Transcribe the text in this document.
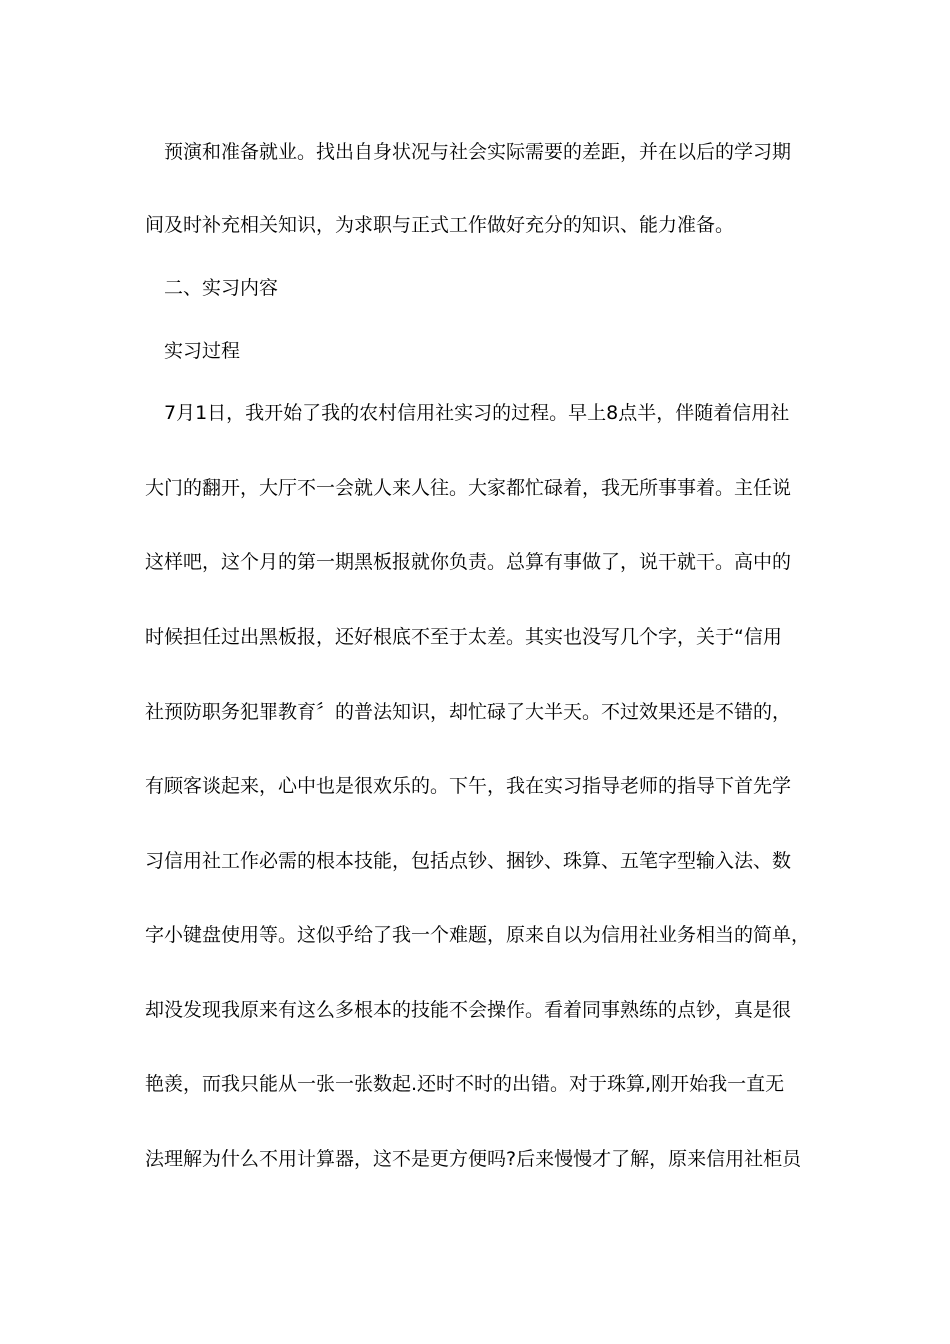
预演和准备就业。找出自身状况与社会实际需要的差距，并在以后的学习期
间及时补充相关知识，为求职与正式工作做好充分的知识、能力准备。
二、实习内容
实习过程
7月1日，我开始了我的农村信用社实习的过程。早上8点半，伴随着信用社
大门的翻开，大厅不一会就人来人往。大家都忙碌着，我无所事事着。主任说
这样吧，这个月的第一期黑板报就你负责。总算有事做了，说干就干。高中的
时候担任过出黑板报，还好根底不至于太差。其实也没写几个字，关于“信用
社预防职务犯罪教育〞的普法知识，却忙碌了大半天。不过效果还是不错的，
有顾客谈起来，心中也是很欢乐的。下午，我在实习指导老师的指导下首先学
习信用社工作必需的根本技能，包括点钞、捆钞、珠算、五笔字型输入法、数
字小键盘使用等。这似乎给了我一个难题，原来自以为信用社业务相当的简单，
却没发现我原来有这么多根本的技能不会操作。看着同事熟练的点钞，真是很
艳羡，而我只能从一张一张数起.还时不时的出错。对于珠算,刚开始我一直无
法理解为什么不用计算器，这不是更方便吗?后来慢慢才了解，原来信用社柜员
